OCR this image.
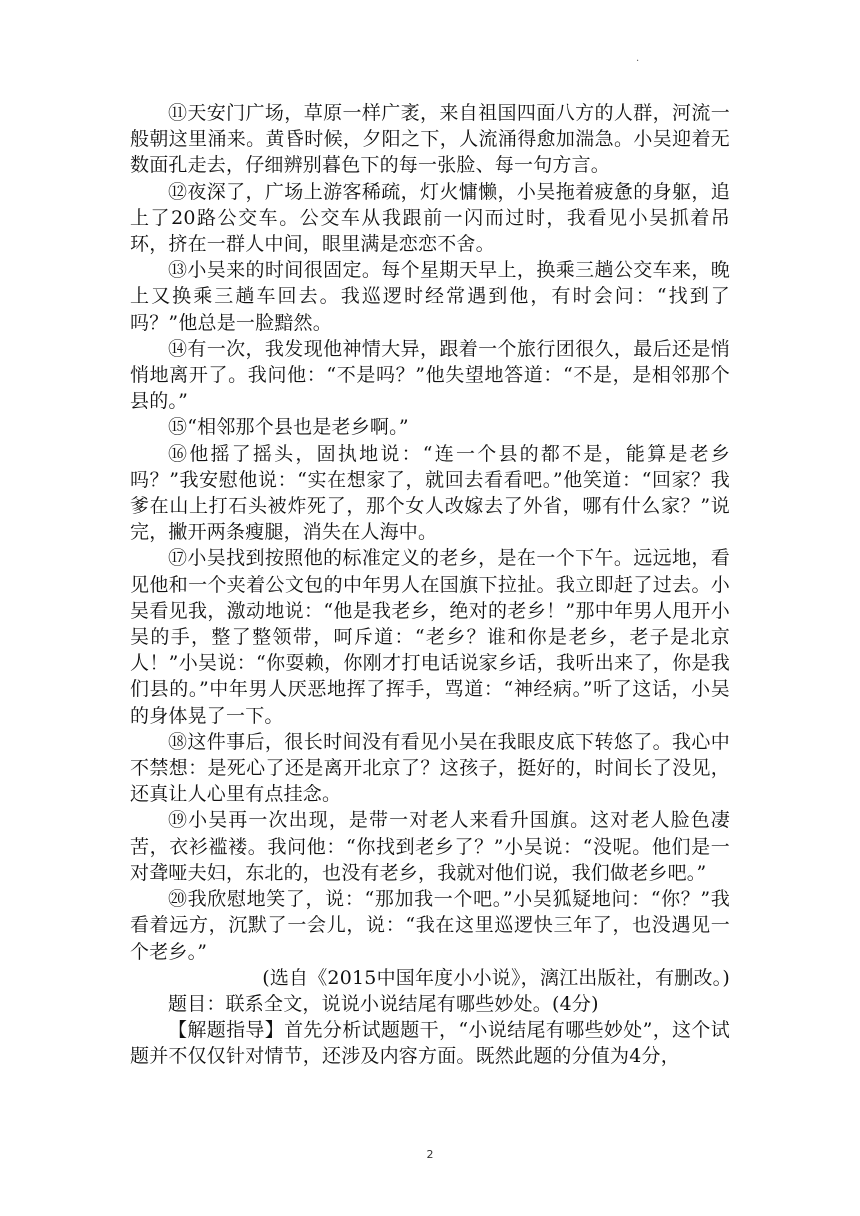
.

⑪天安门广场，草原一样广袤，来自祖国四面八方的人群，河流一般朝这里涌来。黄昏时候，夕阳之下，人流涌得愈加湍急。小吴迎着无数面孔走去，仔细辨别暮色下的每一张脸、每一句方言。

⑫夜深了，广场上游客稀疏，灯火慵懒，小吴拖着疲惫的身躯，追上了20路公交车。公交车从我跟前一闪而过时，我看见小吴抓着吊环，挤在一群人中间，眼里满是恋恋不舍。

⑬小吴来的时间很固定。每个星期天早上，换乘三趟公交车来，晚上又换乘三趟车回去。我巡逻时经常遇到他，有时会问：“找到了吗？”他总是一脸黯然。

⑭有一次，我发现他神情大异，跟着一个旅行团很久，最后还是悄悄地离开了。我问他：“不是吗？”他失望地答道：“不是，是相邻那个县的。”

⑮“相邻那个县也是老乡啊。”

⑯他摇了摇头，固执地说：“连一个县的都不是，能算是老乡吗？”我安慰他说：“实在想家了，就回去看看吧。”他笑道：“回家？我爹在山上打石头被炸死了，那个女人改嫁去了外省，哪有什么家？”说完，撇开两条瘦腿，消失在人海中。

⑰小吴找到按照他的标准定义的老乡，是在一个下午。远远地，看见他和一个夹着公文包的中年男人在国旗下拉扯。我立即赶了过去。小吴看见我，激动地说：“他是我老乡，绝对的老乡！”那中年男人甩开小吴的手，整了整领带，呵斥道：“老乡？谁和你是老乡，老子是北京人！”小吴说：“你耍赖，你刚才打电话说家乡话，我听出来了，你是我们县的。”中年男人厌恶地挥了挥手，骂道：“神经病。”听了这话，小吴的身体晃了一下。

⑱这件事后，很长时间没有看见小吴在我眼皮底下转悠了。我心中不禁想：是死心了还是离开北京了？这孩子，挺好的，时间长了没见，还真让人心里有点挂念。

⑲小吴再一次出现，是带一对老人来看升国旗。这对老人脸色凄苦，衣衫褴褛。我问他：“你找到老乡了？”小吴说：“没呢。他们是一对聋哑夫妇，东北的，也没有老乡，我就对他们说，我们做老乡吧。”

⑳我欣慰地笑了，说：“那加我一个吧。”小吴狐疑地问：“你？”我看着远方，沉默了一会儿，说：“我在这里巡逻快三年了，也没遇见一个老乡。”

(选自《2015中国年度小小说》，漓江出版社，有删改。)

题目：联系全文，说说小说结尾有哪些妙处。(4分)

【解题指导】首先分析试题题干，“小说结尾有哪些妙处”，这个试题并不仅仅针对情节，还涉及内容方面。既然此题的分值为4分，

2
